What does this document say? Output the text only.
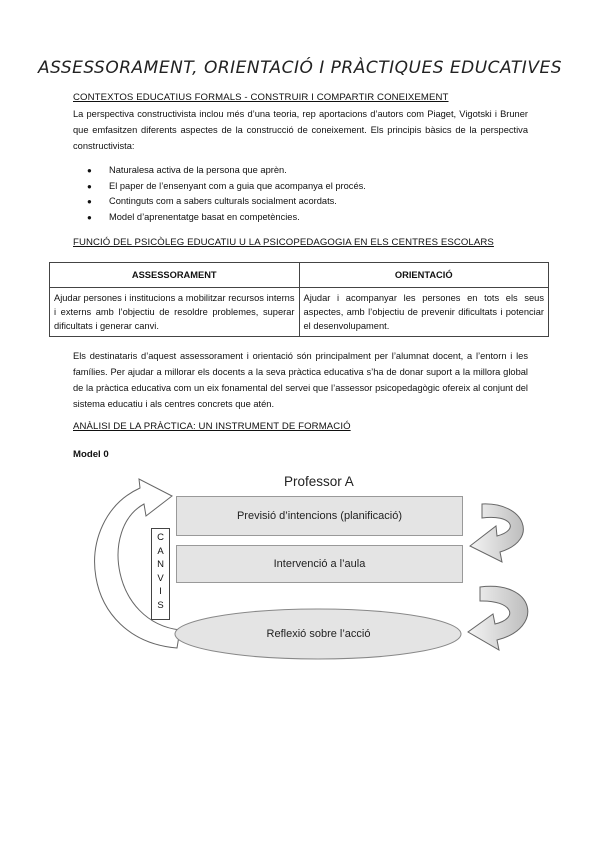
ASSESSORAMENT, ORIENTACIÓ I PRÀCTIQUES EDUCATIVES
CONTEXTOS EDUCATIUS FORMALS - CONSTRUIR I COMPARTIR CONEIXEMENT
La perspectiva constructivista inclou més d’una teoria, rep aportacions d’autors com Piaget, Vigotski i Bruner que emfasitzen diferents aspectes de la construcció de coneixement. Els principis bàsics de la perspectiva constructivista:
● Naturalesa activa de la persona que aprèn.
● El paper de l’ensenyant com a guia que acompanya el procés.
● Continguts com a sabers culturals socialment acordats.
● Model d’aprenentatge basat en competències.
FUNCIÓ DEL PSICÒLEG EDUCATIU U LA PSICOPEDAGOGIA EN ELS CENTRES ESCOLARS
ASSESSORAMENT	ORIENTACIÓ
Ajudar persones i institucions a mobilitzar recursos interns i externs amb l’objectiu de resoldre problemes, superar dificultats i generar canvi.	Ajudar i acompanyar les persones en tots els seus aspectes, amb l’objectiu de prevenir dificultats i potenciar el desenvolupament.
Els destinataris d’aquest assessorament i orientació són principalment per l’alumnat docent, a l’entorn i les famílies. Per ajudar a millorar els docents a la seva pràctica educativa s’ha de donar suport a la millora global de la pràctica educativa com un eix fonamental del servei que l’assessor psicopedagògic ofereix al conjunt del sistema educatiu i als centres concrets que atén.
ANÀLISI DE LA PRÀCTICA: UN INSTRUMENT DE FORMACIÓ
Model 0
Professor A
Previsió d’intencions (planificació)
Intervenció a l’aula
Reflexió sobre l’acció
C
A
N
V
I
S
